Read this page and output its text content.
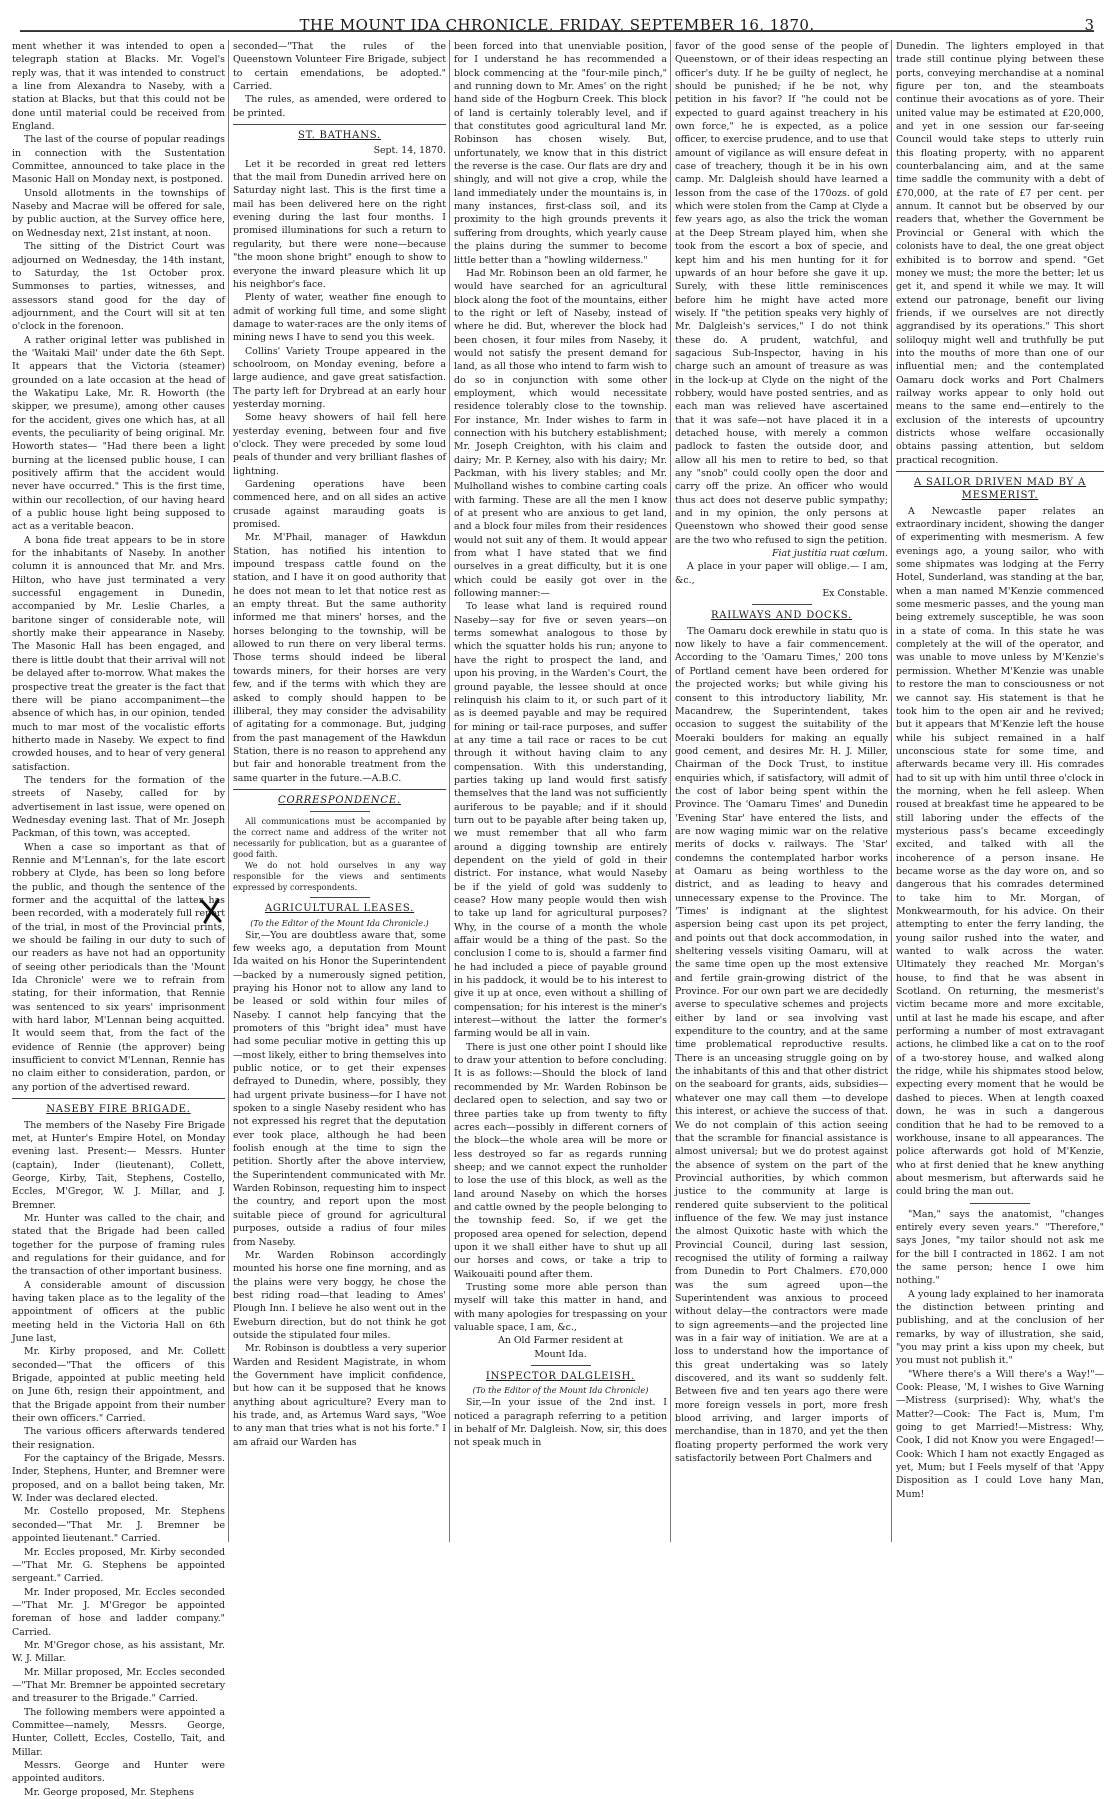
THE MOUNT IDA CHRONICLE, FRIDAY, SEPTEMBER 16, 1870.	3

ment whether it was intended to open a telegraph station at Blacks. Mr. Vogel's reply was, that it was intended to construct a line from Alexandra to Naseby, with a station at Blacks, but that this could not be done until material could be received from England.

The last of the course of popular readings in connection with the Sustentation Committee, announced to take place in the Masonic Hall on Monday next, is postponed.

Unsold allotments in the townships of Naseby and Macrae will be offered for sale, by public auction, at the Survey office here, on Wednesday next, 21st instant, at noon.

The sitting of the District Court was adjourned on Wednesday, the 14th instant, to Saturday, the 1st October prox. Summonses to parties, witnesses, and assessors stand good for the day of adjournment, and the Court will sit at ten o'clock in the forenoon.

A rather original letter was published in the 'Waitaki Mail' under date the 6th Sept. It appears that the Victoria (steamer) grounded on a late occasion at the head of the Wakatipu Lake, Mr. R. Howorth (the skipper, we presume), among other causes for the accident, gives one which has, at all events, the peculiarity of being original. Mr. Howorth states— "Had there been a light burning at the licensed public house, I can positively affirm that the accident would never have occurred." This is the first time, within our recollection, of our having heard of a public house light being supposed to act as a veritable beacon.

A bona fide treat appears to be in store for the inhabitants of Naseby. In another column it is announced that Mr. and Mrs. Hilton, who have just terminated a very successful engagement in Dunedin, accompanied by Mr. Leslie Charles, a baritone singer of considerable note, will shortly make their appearance in Naseby. The Masonic Hall has been engaged, and there is little doubt that their arrival will not be delayed after to-morrow. What makes the prospective treat the greater is the fact that there will be piano accompaniment—the absence of which has, in our opinion, tended much to mar most of the vocalistic efforts hitherto made in Naseby. We expect to find crowded houses, and to hear of very general satisfaction.

The tenders for the formation of the streets of Naseby, called for by advertisement in last issue, were opened on Wednesday evening last. That of Mr. Joseph Packman, of this town, was accepted.

When a case so important as that of Rennie and M'Lennan's, for the late escort robbery at Clyde, has been so long before the public, and though the sentence of the former and the acquittal of the latter has been recorded, with a moderately full report of the trial, in most of the Provincial prints, we should be failing in our duty to such of our readers as have not had an opportunity of seeing other periodicals than the 'Mount Ida Chronicle' were we to refrain from stating, for their information, that Rennie was sentenced to six years' imprisonment with hard labor, M'Lennan being acquitted. It would seem that, from the fact of the evidence of Rennie (the approver) being insufficient to convict M'Lennan, Rennie has no claim either to consideration, pardon, or any portion of the advertised reward.

NASEBY FIRE BRIGADE.

The members of the Naseby Fire Brigade met, at Hunter's Empire Hotel, on Monday evening last. Present:— Messrs. Hunter (captain), Inder (lieutenant), Collett, George, Kirby, Tait, Stephens, Costello, Eccles, M'Gregor, W. J. Millar, and J. Bremner.

Mr. Hunter was called to the chair, and stated that the Brigade had been called together for the purpose of framing rules and regulations for their guidance, and for the transaction of other important business.

A considerable amount of discussion having taken place as to the legality of the appointment of officers at the public meeting held in the Victoria Hall on 6th June last,

Mr. Kirby proposed, and Mr. Collett seconded—"That the officers of this Brigade, appointed at public meeting held on June 6th, resign their appointment, and that the Brigade appoint from their number their own officers." Carried.

The various officers afterwards tendered their resignation.

For the captaincy of the Brigade, Messrs. Inder, Stephens, Hunter, and Bremner were proposed, and on a ballot being taken, Mr. W. Inder was declared elected.

Mr. Costello proposed, Mr. Stephens seconded—"That Mr. J. Bremner be appointed lieutenant." Carried.

Mr. Eccles proposed, Mr. Kirby seconded—"That Mr. G. Stephens be appointed sergeant." Carried.

Mr. Inder proposed, Mr. Eccles seconded—"That Mr. J. M'Gregor be appointed foreman of hose and ladder company." Carried.

Mr. M'Gregor chose, as his assistant, Mr. W. J. Millar.

Mr. Millar proposed, Mr. Eccles seconded—"That Mr. Bremner be appointed secretary and treasurer to the Brigade." Carried.

The following members were appointed a Committee—namely, Messrs. George, Hunter, Collett, Eccles, Costello, Tait, and Millar.

Messrs. George and Hunter were appointed auditors.

Mr. George proposed, Mr. Stephens

seconded—"That the rules of the Queenstown Volunteer Fire Brigade, subject to certain emendations, be adopted." Carried.

The rules, as amended, were ordered to be printed.

ST. BATHANS.

Sept. 14, 1870.

Let it be recorded in great red letters that the mail from Dunedin arrived here on Saturday night last. This is the first time a mail has been delivered here on the right evening during the last four months. I promised illuminations for such a return to regularity, but there were none—because "the moon shone bright" enough to show to everyone the inward pleasure which lit up his neighbor's face.

Plenty of water, weather fine enough to admit of working full time, and some slight damage to water-races are the only items of mining news I have to send you this week.

Collins' Variety Troupe appeared in the schoolroom, on Monday evening, before a large audience, and gave great satisfaction. The party left for Drybread at an early hour yesterday morning.

Some heavy showers of hail fell here yesterday evening, between four and five o'clock. They were preceded by some loud peals of thunder and very brilliant flashes of lightning.

Gardening operations have been commenced here, and on all sides an active crusade against marauding goats is promised.

Mr. M'Phail, manager of Hawkdun Station, has notified his intention to impound trespass cattle found on the station, and I have it on good authority that he does not mean to let that notice rest as an empty threat. But the same authority informed me that miners' horses, and the horses belonging to the township, will be allowed to run there on very liberal terms. Those terms should indeed be liberal towards miners, for their horses are very few, and if the terms with which they are asked to comply should happen to be illiberal, they may consider the advisability of agitating for a commonage. But, judging from the past management of the Hawkdun Station, there is no reason to apprehend any but fair and honorable treatment from the same quarter in the future.—A.B.C.

CORRESPONDENCE.

All communications must be accompanied by the correct name and address of the writer not necessarily for publication, but as a guarantee of good faith.

We do not hold ourselves in any way responsible for the views and sentiments expressed by correspondents.

AGRICULTURAL LEASES.

(To the Editor of the Mount Ida Chronicle.)

Sir,—You are doubtless aware that, some few weeks ago, a deputation from Mount Ida waited on his Honor the Superintendent—backed by a numerously signed petition, praying his Honor not to allow any land to be leased or sold within four miles of Naseby. I cannot help fancying that the promoters of this "bright idea" must have had some peculiar motive in getting this up—most likely, either to bring themselves into public notice, or to get their expenses defrayed to Dunedin, where, possibly, they had urgent private business—for I have not spoken to a single Naseby resident who has not expressed his regret that the deputation ever took place, although he had been foolish enough at the time to sign the petition. Shortly after the above interview, the Superintendent communicated with Mr. Warden Robinson, requesting him to inspect the country, and report upon the most suitable piece of ground for agricultural purposes, outside a radius of four miles from Naseby.

Mr. Warden Robinson accordingly mounted his horse one fine morning, and as the plains were very boggy, he chose the best riding road—that leading to Ames' Plough Inn. I believe he also went out in the Eweburn direction, but do not think he got outside the stipulated four miles.

Mr. Robinson is doubtless a very superior Warden and Resident Magistrate, in whom the Government have implicit confidence, but how can it be supposed that he knows anything about agriculture? Every man to his trade, and, as Artemus Ward says, "Woe to any man that tries what is not his forte." I am afraid our Warden has

been forced into that unenviable position, for I understand he has recommended a block commencing at the "four-mile pinch," and running down to Mr. Ames' on the right hand side of the Hogburn Creek. This block of land is certainly tolerably level, and if that constitutes good agricultural land Mr. Robinson has chosen wisely. But, unfortunately, we know that in this district the reverse is the case. Our flats are dry and shingly, and will not give a crop, while the land immediately under the mountains is, in many instances, first-class soil, and its proximity to the high grounds prevents it suffering from droughts, which yearly cause the plains during the summer to become little better than a "howling wilderness."

Had Mr. Robinson been an old farmer, he would have searched for an agricultural block along the foot of the mountains, either to the right or left of Naseby, instead of where he did. But, wherever the block had been chosen, it four miles from Naseby, it would not satisfy the present demand for land, as all those who intend to farm wish to do so in conjunction with some other employment, which would necessitate residence tolerably close to the township. For instance, Mr. Inder wishes to farm in connection with his butchery establishment; Mr. Joseph Creighton, with his claim and dairy; Mr. P. Kerney, also with his dairy; Mr. Packman, with his livery stables; and Mr. Mulholland wishes to combine carting coals with farming. These are all the men I know of at present who are anxious to get land, and a block four miles from their residences would not suit any of them. It would appear from what I have stated that we find ourselves in a great difficulty, but it is one which could be easily got over in the following manner:—

To lease what land is required round Naseby—say for five or seven years—on terms somewhat analogous to those by which the squatter holds his run; anyone to have the right to prospect the land, and upon his proving, in the Warden's Court, the ground payable, the lessee should at once relinquish his claim to it, or such part of it as is deemed payable and may be required for mining or tail-race purposes, and suffer at any time a tail race or races to be cut through it without having claim to any compensation. With this understanding, parties taking up land would first satisfy themselves that the land was not sufficiently auriferous to be payable; and if it should turn out to be payable after being taken up, we must remember that all who farm around a digging township are entirely dependent on the yield of gold in their district. For instance, what would Naseby be if the yield of gold was suddenly to cease? How many people would then wish to take up land for agricultural purposes? Why, in the course of a month the whole affair would be a thing of the past. So the conclusion I come to is, should a farmer find he had included a piece of payable ground in his paddock, it would be to his interest to give it up at once, even without a shilling of compensation; for his interest is the miner's interest—without the latter the former's farming would be all in vain.

There is just one other point I should like to draw your attention to before concluding. It is as follows:—Should the block of land recommended by Mr. Warden Robinson be declared open to selection, and say two or three parties take up from twenty to fifty acres each—possibly in different corners of the block—the whole area will be more or less destroyed so far as regards running sheep; and we cannot expect the runholder to lose the use of this block, as well as the land around Naseby on which the horses and cattle owned by the people belonging to the township feed. So, if we get the proposed area opened for selection, depend upon it we shall either have to shut up all our horses and cows, or take a trip to Waikouaiti pound after them.

Trusting some more able person than myself will take this matter in hand, and with many apologies for trespassing on your valuable space, I am, &c.,

An Old Farmer resident at

Mount Ida.

INSPECTOR DALGLEISH.

(To the Editor of the Mount Ida Chronicle)

Sir,—In your issue of the 2nd inst. I noticed a paragraph referring to a petition in behalf of Mr. Dalgleish. Now, sir, this does not speak much in

favor of the good sense of the people of Queenstown, or of their ideas respecting an officer's duty. If he be guilty of neglect, he should be punished; if he be not, why petition in his favor? If "he could not be expected to guard against treachery in his own force," he is expected, as a police officer, to exercise prudence, and to use that amount of vigilance as will ensure defeat in case of treachery, though it be in his own camp. Mr. Dalgleish should have learned a lesson from the case of the 170ozs. of gold which were stolen from the Camp at Clyde a few years ago, as also the trick the woman at the Deep Stream played him, when she took from the escort a box of specie, and kept him and his men hunting for it for upwards of an hour before she gave it up. Surely, with these little reminiscences before him he might have acted more wisely. If "the petition speaks very highly of Mr. Dalgleish's services," I do not think these do. A prudent, watchful, and sagacious Sub-Inspector, having in his charge such an amount of treasure as was in the lock-up at Clyde on the night of the robbery, would have posted sentries, and as each man was relieved have ascertained that it was safe—not have placed it in a detached house, with merely a common padlock to fasten the outside door, and allow all his men to retire to bed, so that any "snob" could coolly open the door and carry off the prize. An officer who would thus act does not deserve public sympathy; and in my opinion, the only persons at Queenstown who showed their good sense are the two who refused to sign the petition.

Fiat justitia ruat cœlum.

A place in your paper will oblige.— I am, &c.,

Ex Constable.

RAILWAYS AND DOCKS.

The Oamaru dock erewhile in statu quo is now likely to have a fair commencement. According to the 'Oamaru Times,' 200 tons of Portland cement have been ordered for the projected works; but while giving his consent to this introductory liability, Mr. Macandrew, the Superintendent, takes occasion to suggest the suitability of the Moeraki boulders for making an equally good cement, and desires Mr. H. J. Miller, Chairman of the Dock Trust, to institue enquiries which, if satisfactory, will admit of the cost of labor being spent within the Province. The 'Oamaru Times' and Dunedin 'Evening Star' have entered the lists, and are now waging mimic war on the relative merits of docks v. railways. The 'Star' condemns the contemplated harbor works at Oamaru as being worthless to the district, and as leading to heavy and unnecessary expense to the Province. The 'Times' is indignant at the slightest aspersion being cast upon its pet project, and points out that dock accommodation, in sheltering vessels visiting Oamaru, will at the same time open up the most extensive and fertile grain-growing district of the Province. For our own part we are decidedly averse to speculative schemes and projects either by land or sea involving vast expenditure to the country, and at the same time problematical reproductive results. There is an unceasing struggle going on by the inhabitants of this and that other district on the seaboard for grants, aids, subsidies—whatever one may call them —to develope this interest, or achieve the success of that. We do not complain of this action seeing that the scramble for financial assistance is almost universal; but we do protest against the absence of system on the part of the Provincial authorities, by which common justice to the community at large is rendered quite subservient to the political influence of the few. We may just instance the almost Quixotic haste with which the Provincial Council, during last session, recognised the utility of forming a railway from Dunedin to Port Chalmers. £70,000 was the sum agreed upon—the Superintendent was anxious to proceed without delay—the contractors were made to sign agreements—and the projected line was in a fair way of initiation. We are at a loss to understand how the importance of this great undertaking was so lately discovered, and its want so suddenly felt. Between five and ten years ago there were more foreign vessels in port, more fresh blood arriving, and larger imports of merchandise, than in 1870, and yet the then floating property performed the work very satisfactorily between Port Chalmers and

Dunedin. The lighters employed in that trade still continue plying between these ports, conveying merchandise at a nominal figure per ton, and the steamboats continue their avocations as of yore. Their united value may be estimated at £20,000, and yet in one session our far-seeing Council would take steps to utterly ruin this floating property, with no apparent counterbalancing aim, and at the same time saddle the community with a debt of £70,000, at the rate of £7 per cent. per annum. It cannot but be observed by our readers that, whether the Government be Provincial or General with which the colonists have to deal, the one great object exhibited is to borrow and spend. "Get money we must; the more the better; let us get it, and spend it while we may. It will extend our patronage, benefit our living friends, if we ourselves are not directly aggrandised by its operations." This short soliloquy might well and truthfully be put into the mouths of more than one of our influential men; and the contemplated Oamaru dock works and Port Chalmers railway works appear to only hold out means to the same end—entirely to the exclusion of the interests of upcountry districts whose welfare occasionally obtains passing attention, but seldom practical recognition.

A SAILOR DRIVEN MAD BY A MESMERIST.

A Newcastle paper relates an extraordinary incident, showing the danger of experimenting with mesmerism. A few evenings ago, a young sailor, who with some shipmates was lodging at the Ferry Hotel, Sunderland, was standing at the bar, when a man named M'Kenzie commenced some mesmeric passes, and the young man being extremely susceptible, he was soon in a state of coma. In this state he was completely at the will of the operator, and was unable to move unless by M'Kenzie's permission. Whether M'Kenzie was unable to restore the man to consciousness or not we cannot say. His statement is that he took him to the open air and he revived; but it appears that M'Kenzie left the house while his subject remained in a half unconscious state for some time, and afterwards became very ill. His comrades had to sit up with him until three o'clock in the morning, when he fell asleep. When roused at breakfast time he appeared to be still laboring under the effects of the mysterious pass's became exceedingly excited, and talked with all the incoherence of a person insane. He became worse as the day wore on, and so dangerous that his comrades determined to take him to Mr. Morgan, of Monkwearmouth, for his advice. On their attempting to enter the ferry landing, the young sailor rushed into the water, and wanted to walk across the water. Ultimately they reached Mr. Morgan's house, to find that he was absent in Scotland. On returning, the mesmerist's victim became more and more excitable, until at last he made his escape, and after performing a number of most extravagant actions, he climbed like a cat on to the roof of a two-storey house, and walked along the ridge, while his shipmates stood below, expecting every moment that he would be dashed to pieces. When at length coaxed down, he was in such a dangerous condition that he had to be removed to a workhouse, insane to all appearances. The police afterwards got hold of M'Kenzie, who at first denied that he knew anything about mesmerism, but afterwards said he could bring the man out.

"Man," says the anatomist, "changes entirely every seven years." "Therefore," says Jones, "my tailor should not ask me for the bill I contracted in 1862. I am not the same person; hence I owe him nothing."

A young lady explained to her inamorata the distinction between printing and publishing, and at the conclusion of her remarks, by way of illustration, she said, "you may print a kiss upon my cheek, but you must not publish it."

"Where there's a Will there's a Way!"—Cook: Please, 'M, I wishes to Give Warning—Mistress (surprised): Why, what's the Matter?—Cook: The Fact is, Mum, I'm going to get Married!—Mistress: Why, Cook, I did not Know you were Engaged!—Cook: Which I ham not exactly Engaged as yet, Mum; but I Feels myself of that 'Appy Disposition as I could Love hany Man, Mum!
